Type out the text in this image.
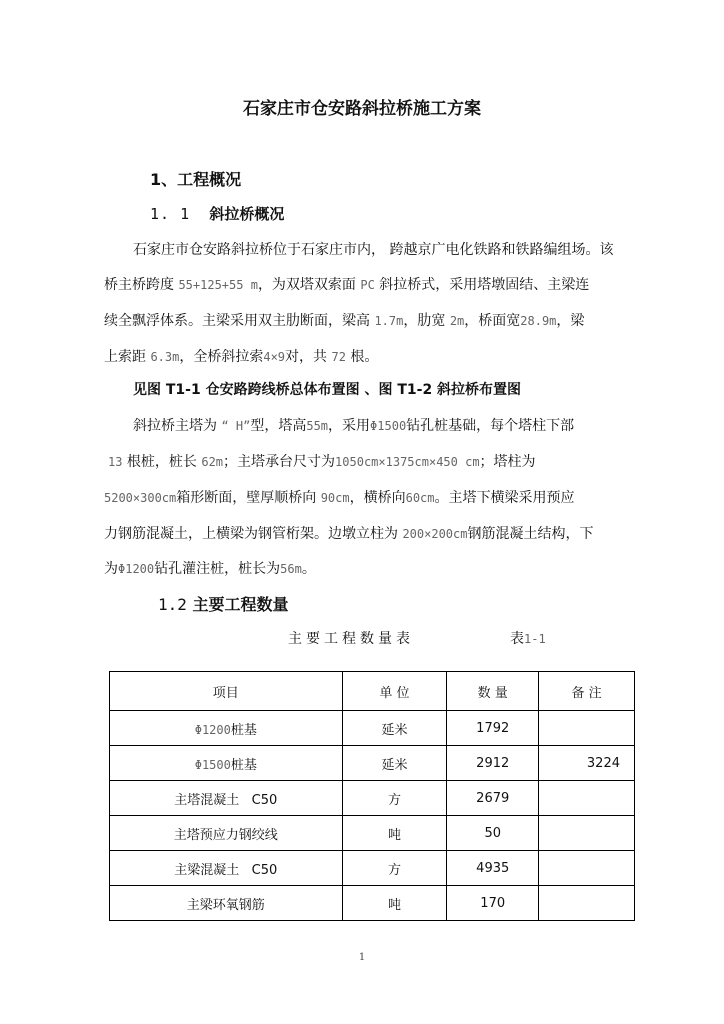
石家庄市仓安路斜拉桥施工方案
1、工程概况
1. 1 斜拉桥概况
石家庄市仓安路斜拉桥位于石家庄市内， 跨越京广电化铁路和铁路编组场。该
桥主桥跨度 55+125+55 m，为双塔双索面 PC 斜拉桥式，采用塔墩固结、主梁连
续全飘浮体系。主梁采用双主肋断面，梁高 1.7m，肋宽 2m，桥面宽28.9m，梁
上索距 6.3m，全桥斜拉索4×9对，共 72 根。
见图 T1-1 仓安路跨线桥总体布置图 、图 T1-2 斜拉桥布置图
斜拉桥主塔为 “ H”型，塔高55m，采用Φ1500钻孔桩基础，每个塔柱下部
13 根桩，桩长 62m；主塔承台尺寸为1050cm×1375cm×450 cm；塔柱为
5200×300cm箱形断面，壁厚顺桥向 90cm，横桥向60cm。主塔下横梁采用预应
力钢筋混凝土，上横梁为钢管桁架。边墩立柱为 200×200cm钢筋混凝土结构，下
为Φ1200钻孔灌注桩，桩长为56m。
1.2 主要工程数量
主要工程数量表	表1-1
项目	单 位	数 量	备 注
Φ1200桩基	延米	1792	
Φ1500桩基	延米	2912	3224
主塔混凝土   C50	方	2679	
主塔预应力钢绞线	吨	50	
主梁混凝土   C50	方	4935	
主梁环氧钢筋	吨	170	
1
